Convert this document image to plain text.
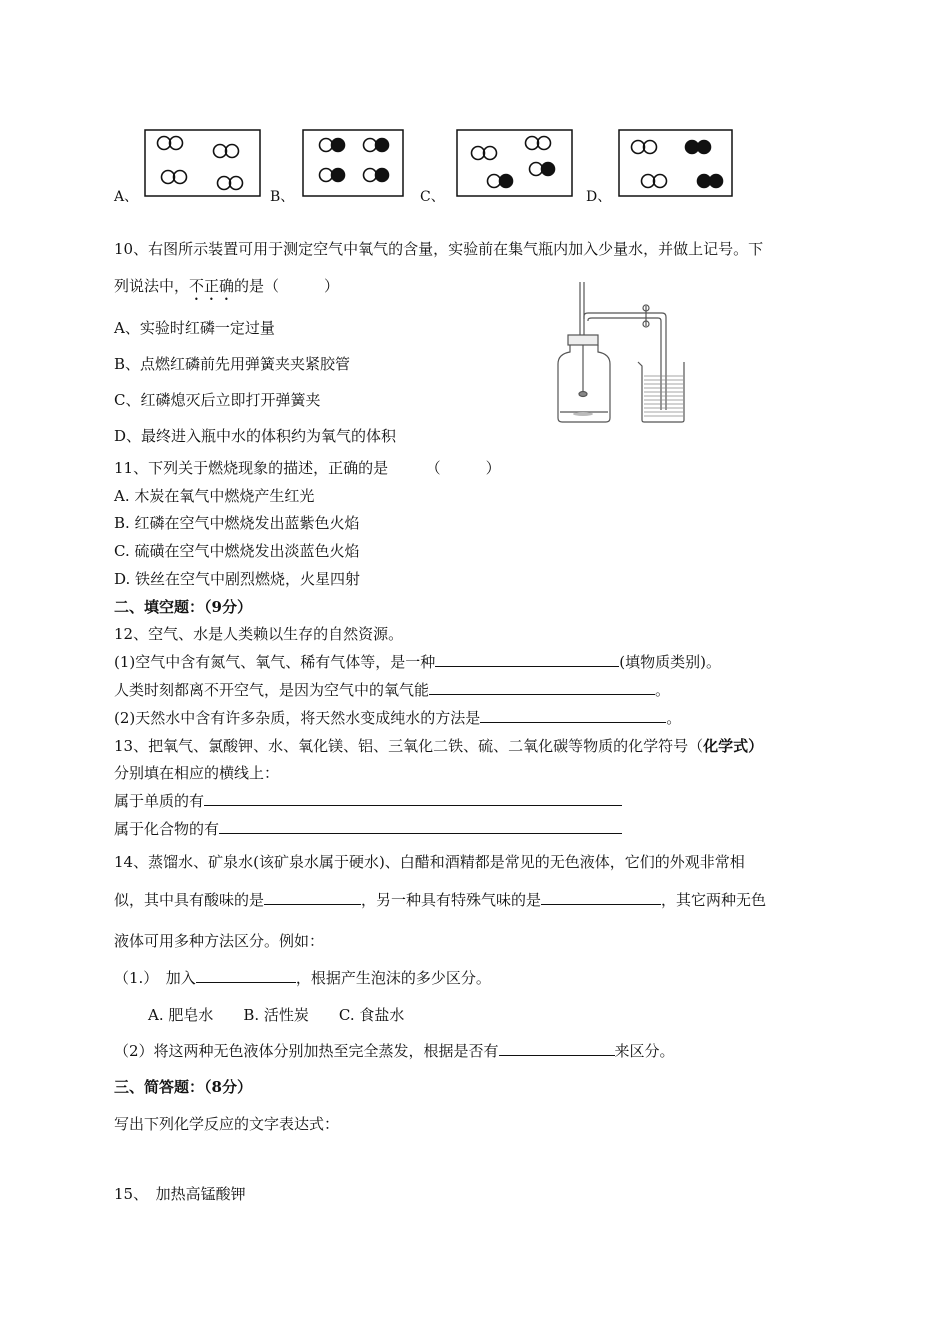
A、	B、	C、	D、
10、右图所示装置可用于测定空气中氧气的含量，实验前在集气瓶内加入少量水，并做上记号。下
列说法中，不正确的是（　　　）
A、实验时红磷一定过量
B、点燃红磷前先用弹簧夹夹紧胶管
C、红磷熄灭后立即打开弹簧夹
D、最终进入瓶中水的体积约为氧气的体积
11、下列关于燃烧现象的描述，正确的是　　　（　　　）
A. 木炭在氧气中燃烧产生红光
B. 红磷在空气中燃烧发出蓝紫色火焰
C. 硫磺在空气中燃烧发出淡蓝色火焰
D. 铁丝在空气中剧烈燃烧，火星四射
二、填空题：（9分）
12、空气、水是人类赖以生存的自然资源。
(1)空气中含有氮气、氧气、稀有气体等，是一种	(填物质类别)。
人类时刻都离不开空气，是因为空气中的氧气能	。
(2)天然水中含有许多杂质，将天然水变成纯水的方法是	。
13、把氧气、氯酸钾、水、氧化镁、铝、三氧化二铁、硫、二氧化碳等物质的化学符号（化学式）
分别填在相应的横线上：
属于单质的有
属于化合物的有
14、蒸馏水、矿泉水(该矿泉水属于硬水)、白醋和酒精都是常见的无色液体，它们的外观非常相
似，其中具有酸味的是	，另一种具有特殊气味的是	，其它两种无色
液体可用多种方法区分。例如：
（1.）　加入	，根据产生泡沫的多少区分。
A. 肥皂水　　B. 活性炭　　C. 食盐水
（2）将这两种无色液体分别加热至完全蒸发，根据是否有	来区分。
三、简答题：（8分）
写出下列化学反应的文字表达式：
15、　加热高锰酸钾
